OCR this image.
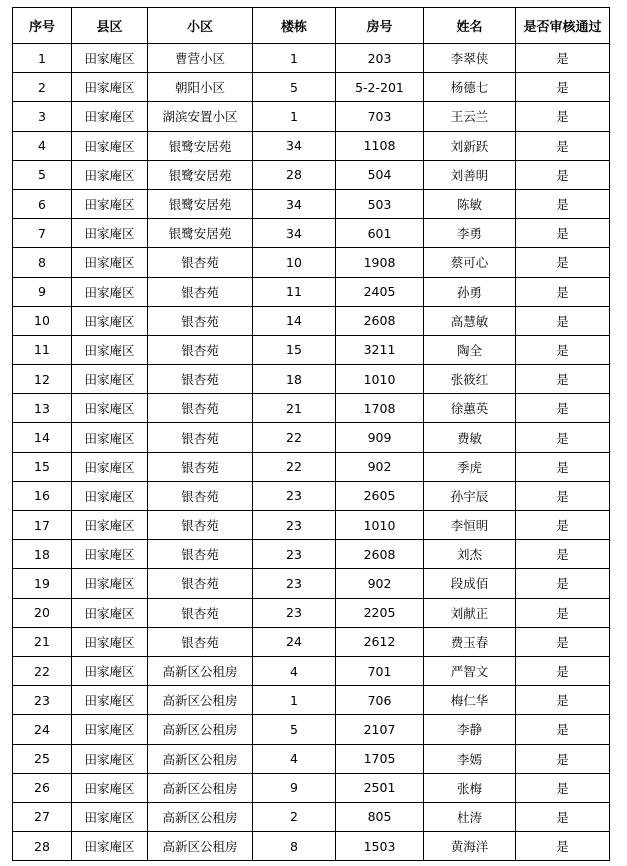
序号	县区	小区	楼栋	房号	姓名	是否审核通过
1	田家庵区	曹营小区	1	203	李翠侠	是
2	田家庵区	朝阳小区	5	5-2-201	杨德七	是
3	田家庵区	湖滨安置小区	1	703	王云兰	是
4	田家庵区	银鹭安居苑	34	1108	刘新跃	是
5	田家庵区	银鹭安居苑	28	504	刘善明	是
6	田家庵区	银鹭安居苑	34	503	陈敏	是
7	田家庵区	银鹭安居苑	34	601	李勇	是
8	田家庵区	银杏苑	10	1908	蔡可心	是
9	田家庵区	银杏苑	11	2405	孙勇	是
10	田家庵区	银杏苑	14	2608	高慧敏	是
11	田家庵区	银杏苑	15	3211	陶全	是
12	田家庵区	银杏苑	18	1010	张筱红	是
13	田家庵区	银杏苑	21	1708	徐蕙英	是
14	田家庵区	银杏苑	22	909	费敏	是
15	田家庵区	银杏苑	22	902	季虎	是
16	田家庵区	银杏苑	23	2605	孙宇辰	是
17	田家庵区	银杏苑	23	1010	李恒明	是
18	田家庵区	银杏苑	23	2608	刘杰	是
19	田家庵区	银杏苑	23	902	段成佰	是
20	田家庵区	银杏苑	23	2205	刘献正	是
21	田家庵区	银杏苑	24	2612	费玉春	是
22	田家庵区	高新区公租房	4	701	严智文	是
23	田家庵区	高新区公租房	1	706	梅仁华	是
24	田家庵区	高新区公租房	5	2107	李静	是
25	田家庵区	高新区公租房	4	1705	李嫣	是
26	田家庵区	高新区公租房	9	2501	张梅	是
27	田家庵区	高新区公租房	2	805	杜涛	是
28	田家庵区	高新区公租房	8	1503	黄海洋	是
